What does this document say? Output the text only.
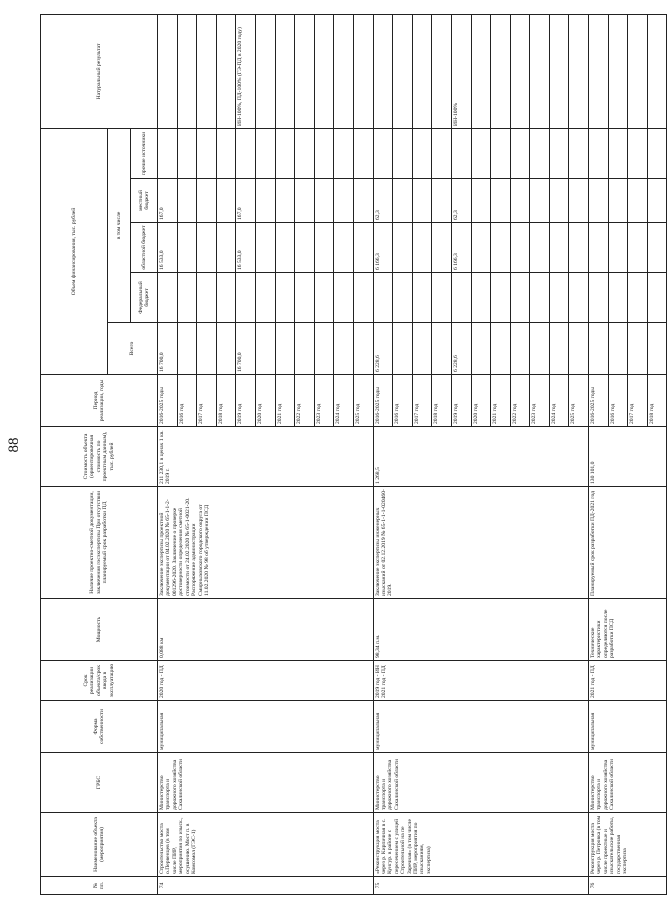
88
№ пп.	Наименование объекта (мероприятия)	ГРБС	Форма собственности	Срок реализации объекта/срок ввода в эксплуатацию	Мощность	Наличие проектно-сметной документации, заключения госэкспертизы При отсутствии планируемый срок разработки ПД	Стоимость объекта (ориентировочная стоимость по проектным данным), тыс. рублей	Период реализации, годы	Объем финансирования, тыс. рублей					Натуральный результат
									Всего	в том числе				
										Федеральный бюджет	областной бюджет	местный бюджет	прочие источники	
74	Строительство моста о.Первенцев (в том числе ПИР, мероприятия по изыск., осушению. Мост п. в Комсомол (ГЭС-1)	Министерство транспорта и дорожного хозяйства Сахалинской области	муниципальная	2020 год - ПД	0,088 км	Заключение экспертизы проектной документации от 04.02.2020 № 65-1-1-2-001296-2020. Заключение о проверке достоверности определения сметной стоимости от 24.02.2020 № 65-1-0021-20. Распоряжение администрации Смирныховского городского округа от 11.02.2020 № 98 об утверждении ПСД	211 230,1 в ценах 1 кв. 2019 г.	2016-2025 годы	16 700,0		16 533,0	167,0		
								2016 год						
								2017 год						
								2018 год						
								2019 год	16 700,0		16 533,0	167,0		ИН-100%, ПД-100% (ГЭ-ПД в 2020 году)
								2020 год						
								2021 год						
								2022 год						
								2023 год						
								2024 год						
								2025 год						
75	«Реконструкция моста через р. Кирпичная в с. Кунгур. в районе с пересечением с улицей Строительной на пе Заречная» (в том числе ПИР, мероприятия по изысканиям, экспертиза)	Министерство транспорта и дорожного хозяйства Сахалинской области	муниципальная	2019 год - ИН 2021 год - ПД	98,34 п.м.	Заключение экспертизы инженерных изысканий от 02.12.2019 № 65-1-1-1-020460-2019.	1 268,5	2016-2025 годы	6 228,6		6 166,3	62,3		
								2016 год						
								2017 год						
								2018 год						
								2019 год	6 228,6		6 166,3	62,3		ИН-100%
								2020 год						
								2021 год						
								2022 год						
								2023 год						
								2024 год						
								2025 год						
76	Реконструкция моста через р. Петровка (в том числе проектные и изыскательские работы, государственная экспертиза	Министерство транспорта и дорожного хозяйства Сахалинской области	муниципальная	2021 год - ПД	Технические характеристики определяются после разработки ПСД	Планируемый срок разработки ПД-2021 год	130 101,0	2016-2025 годы						
								2016 год						
								2017 год						
								2018 год						
